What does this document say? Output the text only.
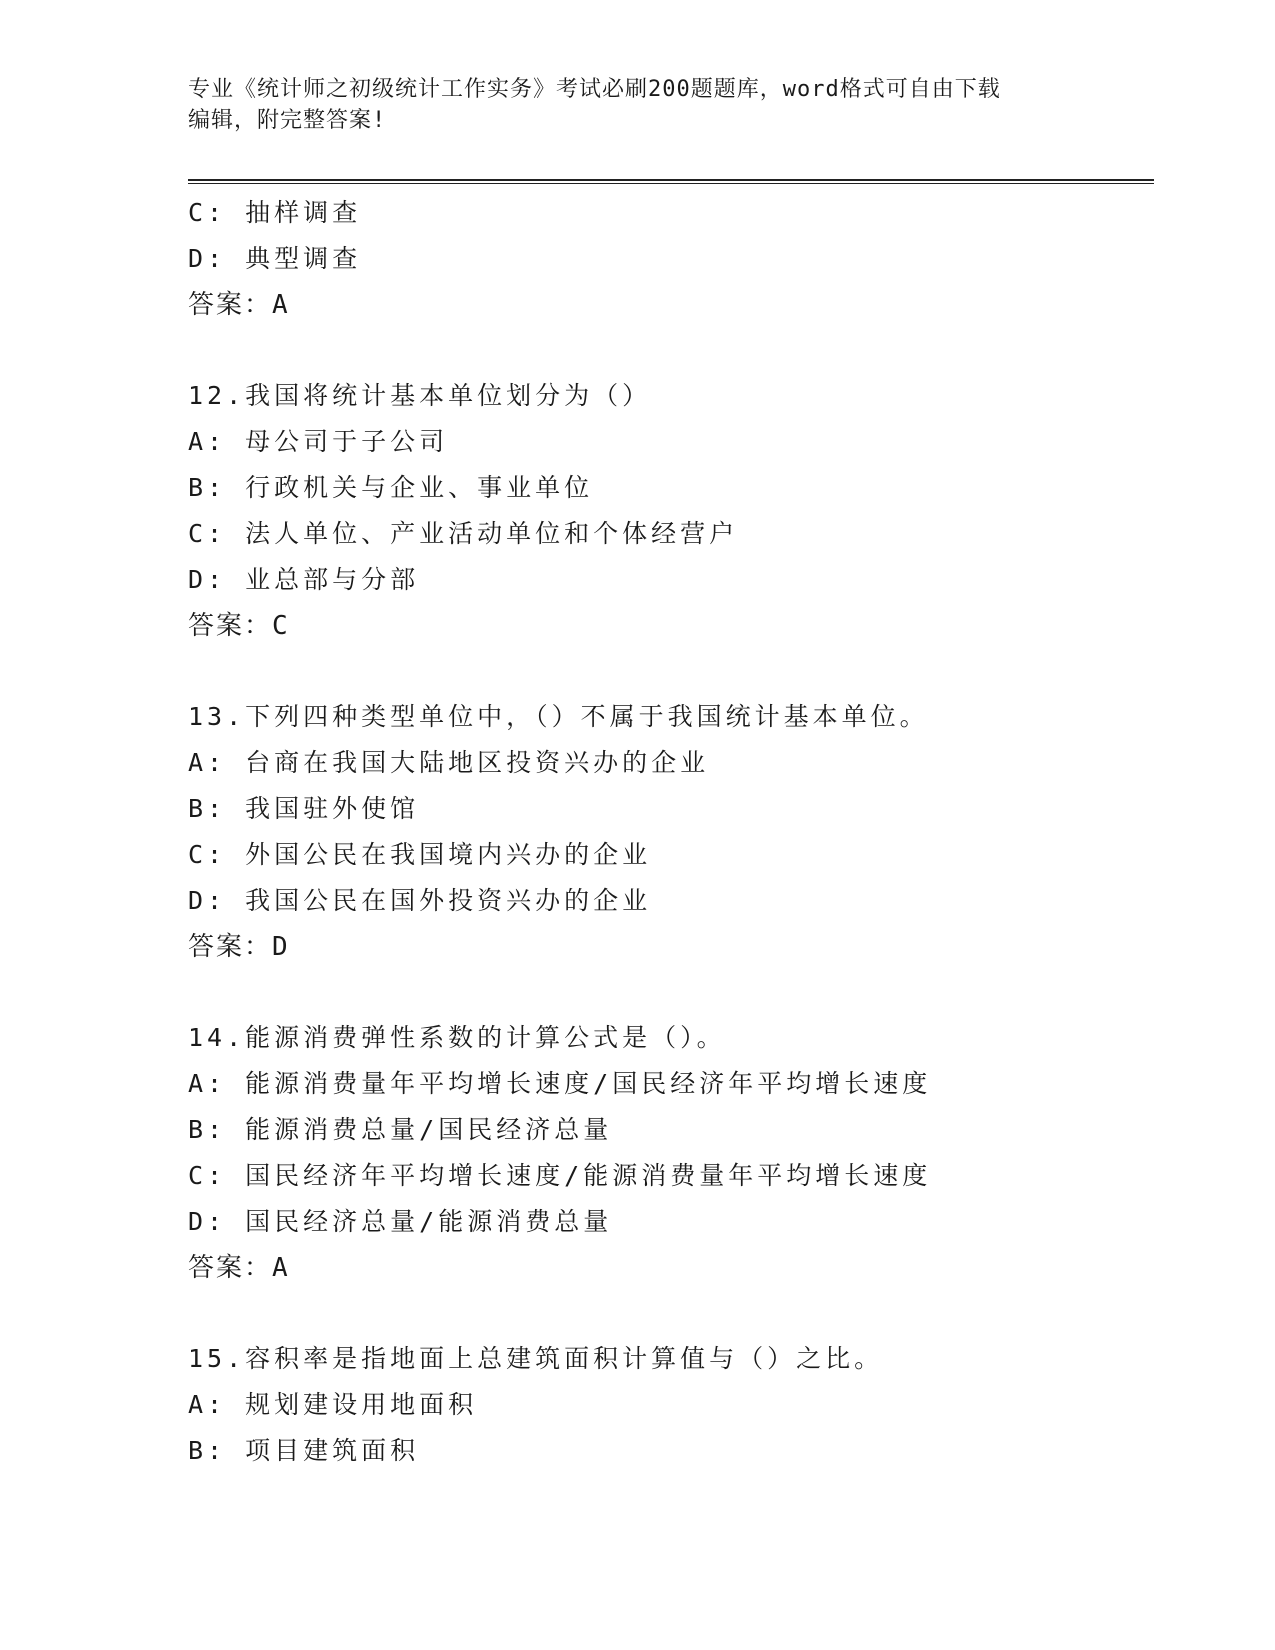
专业《统计师之初级统计工作实务》考试必刷200题题库，word格式可自由下载
编辑，附完整答案!
C: 抽样调查
D: 典型调查
答案：A
12.我国将统计基本单位划分为（）
A: 母公司于子公司
B: 行政机关与企业、事业单位
C: 法人单位、产业活动单位和个体经营户
D: 业总部与分部
答案：C
13.下列四种类型单位中，（）不属于我国统计基本单位。
A: 台商在我国大陆地区投资兴办的企业
B: 我国驻外使馆
C: 外国公民在我国境内兴办的企业
D: 我国公民在国外投资兴办的企业
答案：D
14.能源消费弹性系数的计算公式是（）。
A: 能源消费量年平均增长速度/国民经济年平均增长速度
B: 能源消费总量/国民经济总量
C: 国民经济年平均增长速度/能源消费量年平均增长速度
D: 国民经济总量/能源消费总量
答案：A
15.容积率是指地面上总建筑面积计算值与（）之比。
A: 规划建设用地面积
B: 项目建筑面积
